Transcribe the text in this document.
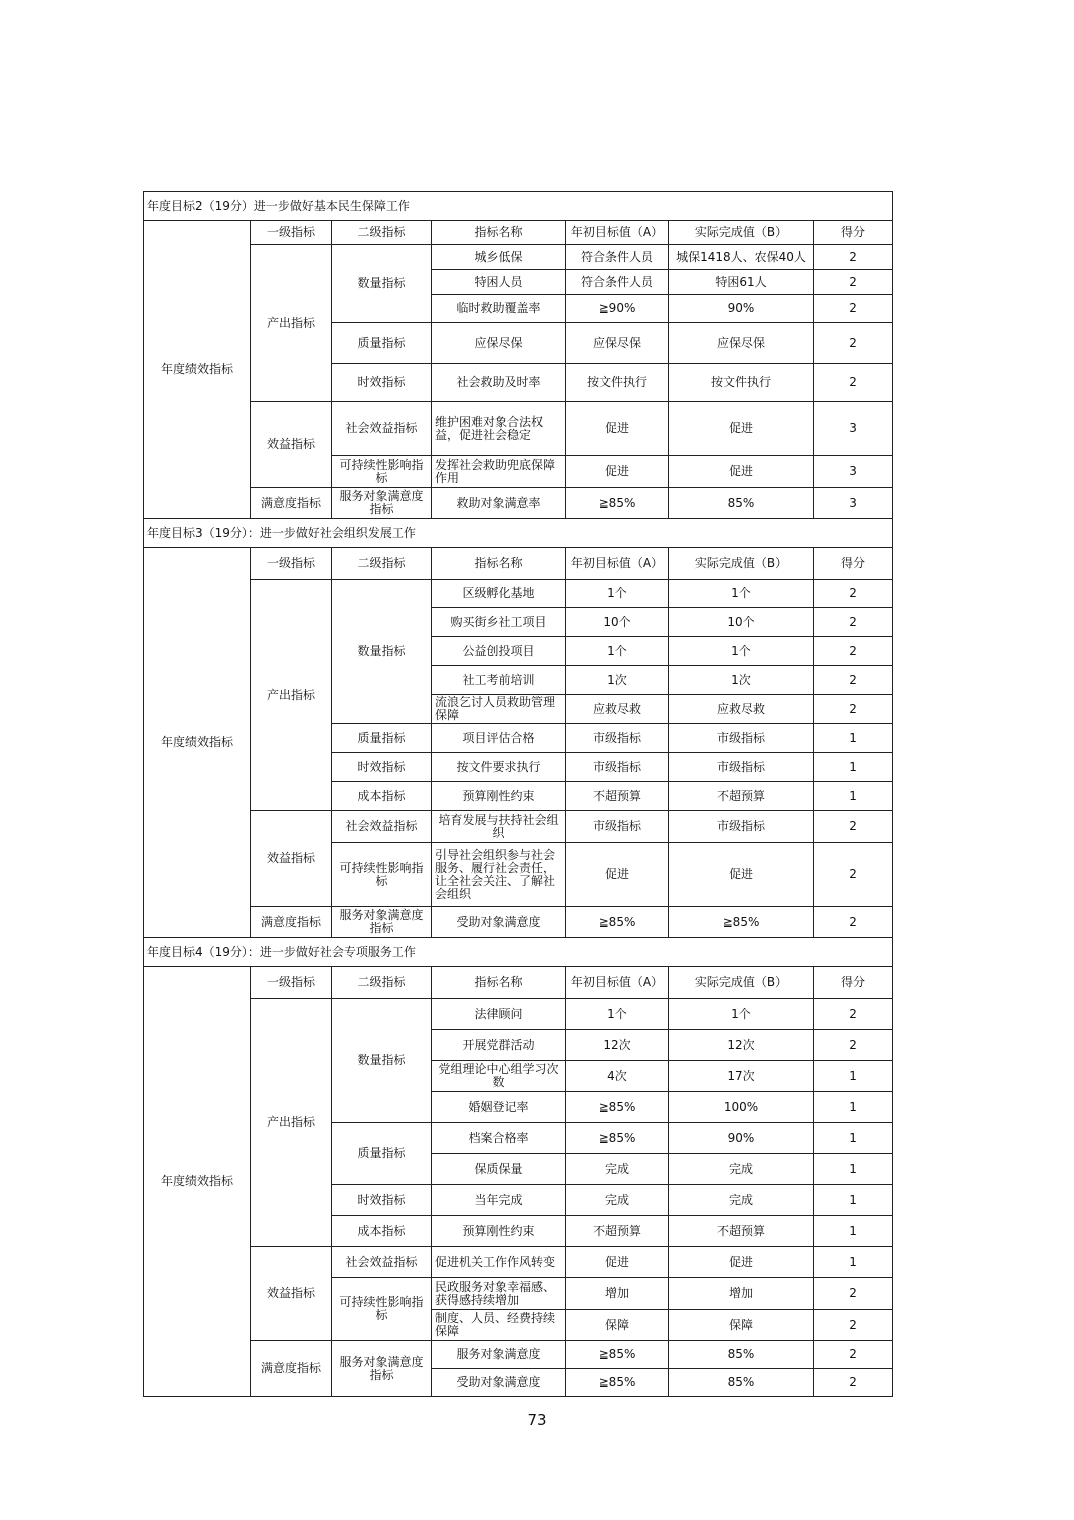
年度目标2（19分）进一步做好基本民生保障工作						
年度绩效指标	一级指标	二级指标	指标名称	年初目标值（A）	实际完成值（B）	得分
	产出指标	数量指标	城乡低保	符合条件人员	城保1418人、农保40人	2
			特困人员	符合条件人员	特困61人	2
			临时救助覆盖率	≧90%	90%	2
		质量指标	应保尽保	应保尽保	应保尽保	2
		时效指标	社会救助及时率	按文件执行	按文件执行	2
	效益指标	社会效益指标	维护困难对象合法权益，促进社会稳定	促进	促进	3
		可持续性影响指标	发挥社会救助兜底保障作用	促进	促进	3
	满意度指标	服务对象满意度指标	救助对象满意率	≧85%	85%	3
年度目标3（19分）：进一步做好社会组织发展工作						
年度绩效指标	一级指标	二级指标	指标名称	年初目标值（A）	实际完成值（B）	得分
	产出指标	数量指标	区级孵化基地	1个	1个	2
			购买街乡社工项目	10个	10个	2
			公益创投项目	1个	1个	2
			社工考前培训	1次	1次	2
			流浪乞讨人员救助管理保障	应救尽救	应救尽救	2
		质量指标	项目评估合格	市级指标	市级指标	1
		时效指标	按文件要求执行	市级指标	市级指标	1
		成本指标	预算刚性约束	不超预算	不超预算	1
	效益指标	社会效益指标	培育发展与扶持社会组织	市级指标	市级指标	2
		可持续性影响指标	引导社会组织参与社会服务、履行社会责任，让全社会关注、了解社会组织	促进	促进	2
	满意度指标	服务对象满意度指标	受助对象满意度	≧85%	≧85%	2
年度目标4（19分）：进一步做好社会专项服务工作						
年度绩效指标	一级指标	二级指标	指标名称	年初目标值（A）	实际完成值（B）	得分
	产出指标	数量指标	法律顾问	1个	1个	2
			开展党群活动	12次	12次	2
			党组理论中心组学习次数	4次	17次	1
			婚姻登记率	≧85%	100%	1
		质量指标	档案合格率	≧85%	90%	1
			保质保量	完成	完成	1
		时效指标	当年完成	完成	完成	1
		成本指标	预算刚性约束	不超预算	不超预算	1
	效益指标	社会效益指标	促进机关工作作风转变	促进	促进	1
		可持续性影响指标	民政服务对象幸福感、获得感持续增加	增加	增加	2
			制度、人员、经费持续保障	保障	保障	2
	满意度指标	服务对象满意度指标	服务对象满意度	≧85%	85%	2
			受助对象满意度	≧85%	85%	2
73
